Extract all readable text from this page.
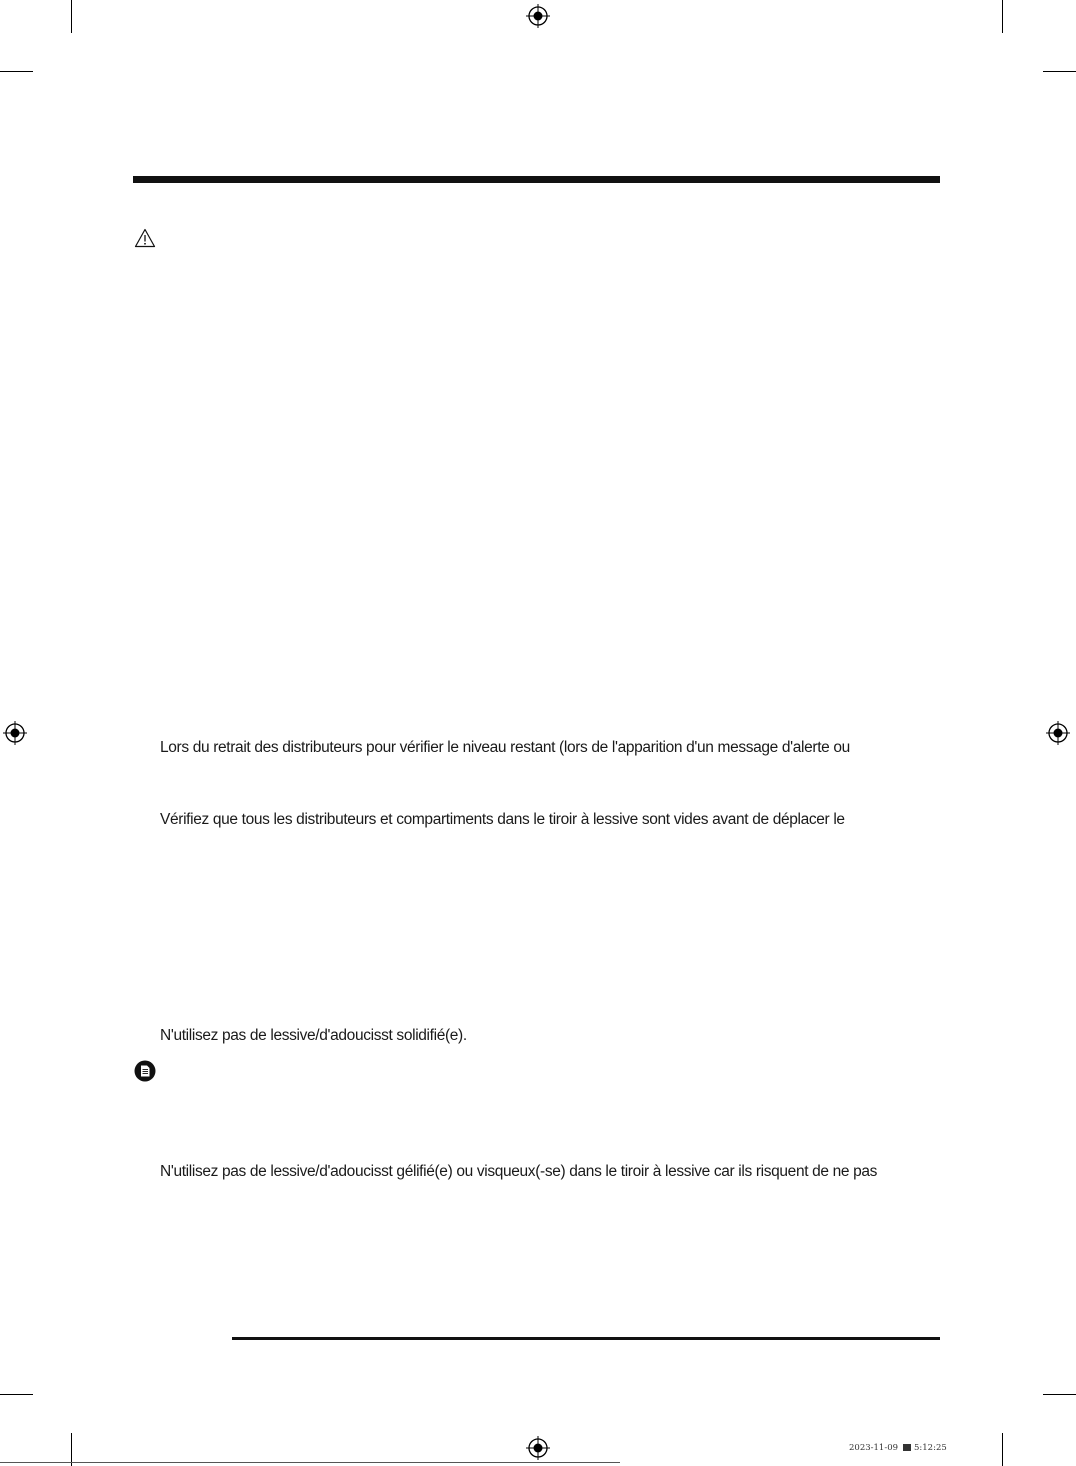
Lors du retrait des distributeurs pour vérifier le niveau restant (lors de l'apparition d'un message d'alerte ou
Vérifiez que tous les distributeurs et compartiments dans le tiroir à lessive sont vides avant de déplacer le
N'utilisez pas de lessive/d'adoucisst solidifié(e).
N'utilisez pas de lessive/d'adoucisst gélifié(e) ou visqueux(-se) dans le tiroir à lessive car ils risquent de ne pas
2023-11-09 5:12:25
